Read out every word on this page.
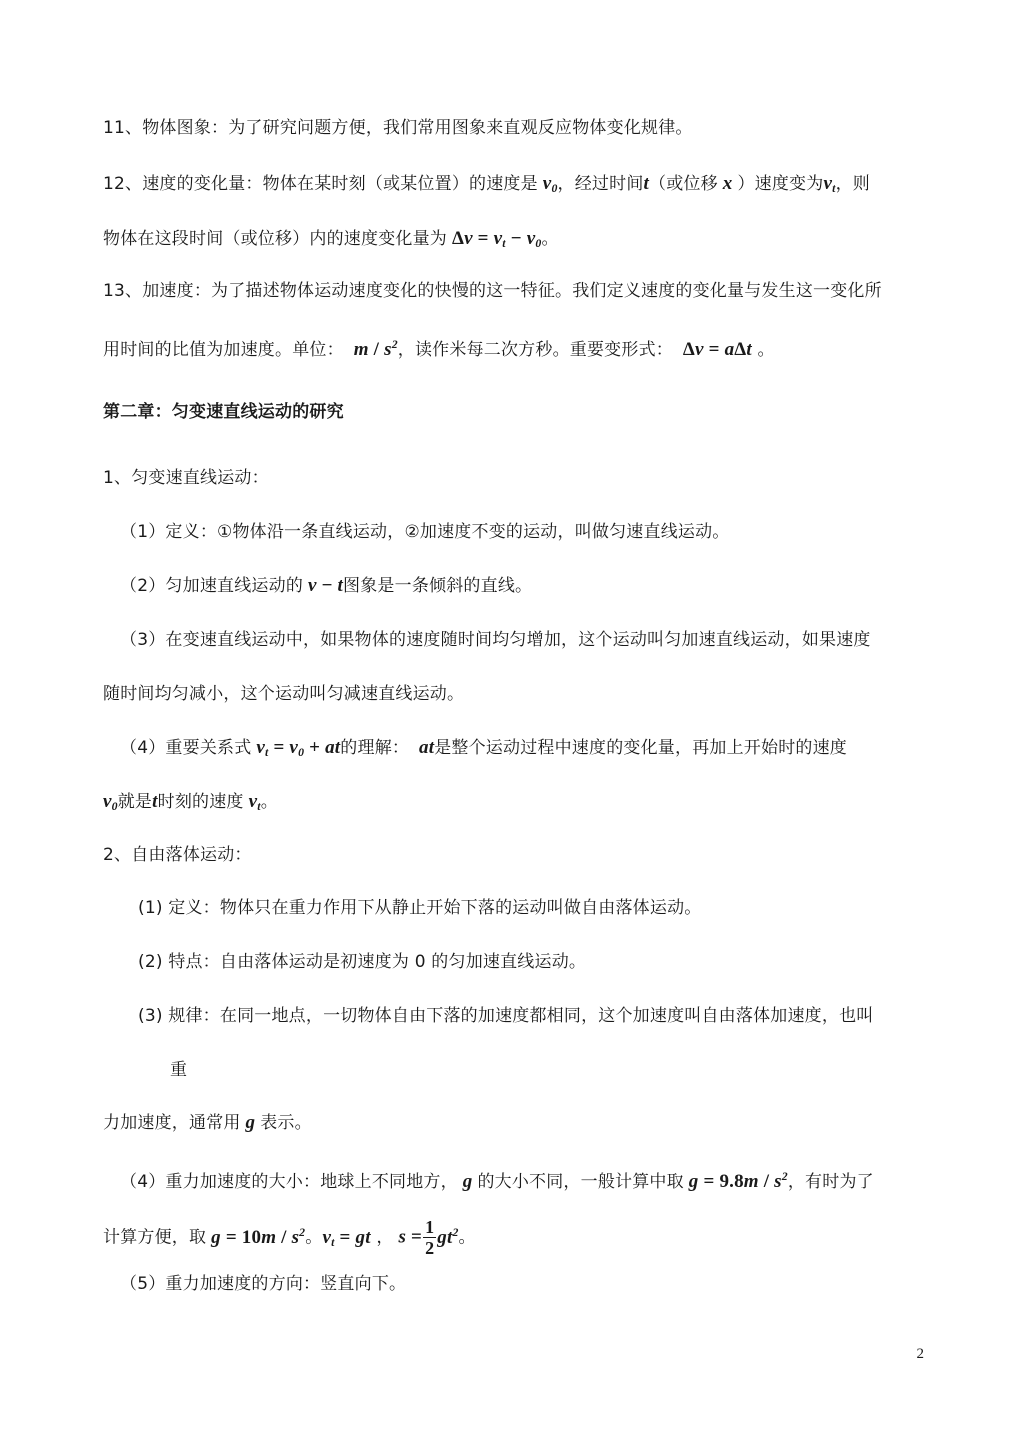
11、物体图象：为了研究问题方便，我们常用图象来直观反应物体变化规律。
12、速度的变化量：物体在某时刻（或某位置）的速度是 $v_0$，经过时间t（或位移 x ）速度变为$v_t$，则
物体在这段时间（或位移）内的速度变化量为 $\Delta v = v_t - v_0$。
13、加速度：为了描述物体运动速度变化的快慢的这一特征。我们定义速度的变化量与发生这一变化所
用时间的比值为加速度。单位：  m / $s^2$，读作米每二次方秒。重要变形式： Δv = aΔt 。
第二章：匀变速直线运动的研究
1、匀变速直线运动：
（1）定义：①物体沿一条直线运动，②加速度不变的运动，叫做匀速直线运动。
（2）匀加速直线运动的 v − t图象是一条倾斜的直线。
（3）在变速直线运动中，如果物体的速度随时间均匀增加，这个运动叫匀加速直线运动，如果速度
随时间均匀减小，这个运动叫匀减速直线运动。
（4）重要关系式 $v_t = v_0$ + at的理解：  at是整个运动过程中速度的变化量，再加上开始时的速度
$v_0$就是t时刻的速度 $v_t$。
2、自由落体运动：
(1) 定义：物体只在重力作用下从静止开始下落的运动叫做自由落体运动。
(2) 特点：自由落体运动是初速度为 0 的匀加速直线运动。
(3) 规律：在同一地点，一切物体自由下落的加速度都相同，这个加速度叫自由落体加速度，也叫
重
力加速度，通常用 g 表示。
（4）重力加速度的大小：地球上不同地方， g 的大小不同，一般计算中取 $g = 9.8m / s^2$，有时为了
计算方便，取 $g = 10m / s^2$。$v_t$ = gt ， $s = \frac{1}{2} gt^2$。
（5）重力加速度的方向：竖直向下。
2
